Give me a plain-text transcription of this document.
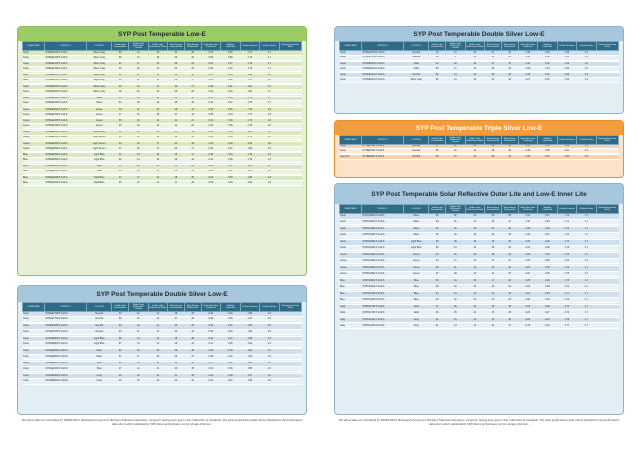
SYP Post Temperable Low-E
SUBSTRATE	PRODUCT	COLOUR	Visible Light Transmittance	Visible Light Reflectance Outside	Visible Light Reflectance Inside	Solar Energy Transmittance	Solar Energy Reflectance	Solar Heat Gain Coefficient	Shading Coefficient	U-Value Summer	U-Value Winter	Relative Heat Gain W/m²
Clear	SYBEE1006T-G10-6	Silver Gray	59	14	18	44	20	0.51	0.59	1.77	1.7	
Clear	SYBEE1006T-G10-8	Silver Gray	58	13	18	43	19	0.50	0.58	1.76	1.7	

Clear	SYBEE1306T-G10-6	Silver Gray	47	17	14	35	24	0.41	0.47	1.79	1.7	
Clear	SYBEE1306T-G10-8	Silver Gray	46	16	14	34	23	0.40	0.46	1.78	1.7	

Blue	SYBEE1606T-G10-6	Light Gray	43	12	19	30	18	0.37	0.43	1.80	1.8	
Blue	SYBEE1606T-G10-8	Light Gray	42	11	19	29	17	0.36	0.42	1.79	1.8	

Clear	SYBEE1906T-G10-6	Silver Gray	39	23	12	29	27	0.35	0.41	1.81	1.7	
Clear	SYBEE1906T-G10-8	Silver Gray	38	22	12	28	26	0.34	0.40	1.80	1.7	

Clear	SYBEE2306T-G10-6	Silver	35	26	16	26	31	0.33	0.38	1.76	1.7	
Clear	SYBEE2306T-G10-8	Silver	34	25	16	25	30	0.32	0.37	1.75	1.7	

Green	SYBEE2006T-G10-6	Green	48	12	15	28	14	0.39	0.45	1.78	1.8	
Green	SYBEE2006T-G10-8	Green	47	11	15	27	13	0.38	0.44	1.77	1.8	

Green	SYBEE2206T-G10-6	Green	36	19	14	22	21	0.31	0.36	1.79	1.8	
Green	SYBEE2206T-G10-8	Green	35	18	14	21	20	0.30	0.35	1.78	1.8	

Green	SYBEE2406T-G10-6	Blue-Green	34	14	18	21	16	0.30	0.34	1.80	1.8	
Green	SYBEE2406T-G10-8	Blue-Green	33	13	18	20	15	0.29	0.33	1.79	1.8	

Green	SYBEE2606T-G10-6	Light Green	38	16	17	24	18	0.33	0.38	1.81	1.8	
Green	SYBEE2606T-G10-8	Light Green	37	15	17	23	17	0.32	0.37	1.80	1.8	

Blue	SYBEE2806T-G10-6	Light Blue	41	15	19	26	17	0.35	0.40	1.79	1.8	
Blue	SYBEE2806T-G10-8	Light Blue	40	14	19	25	16	0.34	0.39	1.78	1.8	

Blue	SYBEE2906T-G10-6	Blue	31	20	13	20	23	0.29	0.33	1.82	1.8	
Blue	SYBEE2906T-G10-8	Blue	30	19	13	19	22	0.28	0.32	1.81	1.8	

Blue	SYBEE3006T-G10-6	Dark Blue	27	17	12	18	20	0.26	0.30	1.83	1.8	
Blue	SYBEE3006T-G10-8	Dark Blue	26	16	12	17	19	0.25	0.29	1.82	1.8	
SYP Post Temperable Double Silver Low-E
SUBSTRATE	PRODUCT	COLOUR	Visible Light Transmittance	Visible Light Reflectance Outside	Visible Light Reflectance Inside	Solar Energy Transmittance	Solar Energy Reflectance	Solar Heat Gain Coefficient	Shading Coefficient	U-Value Summer	U-Value Winter	Relative Heat Gain W/m²
Clear	SYDEE7766T-G10-6	Neutral	70	11	12	38	33	0.40	0.46	1.68	1.6	
Clear	SYDEE7766T-G10-8	Neutral	69	10	12	37	32	0.39	0.45	1.67	1.6	

Clear	SYDEE7356T-G10-6	Neutral	64	12	11	33	34	0.36	0.41	1.66	1.6	
Clear	SYDEE7356T-G10-8	Neutral	63	11	11	32	33	0.35	0.40	1.65	1.6	

Clear	SYDEE6806T-G10-6	Light Blue	58	14	13	29	35	0.32	0.37	1.65	1.6	
Clear	SYDEE6806T-G10-8	Light Blue	57	13	13	28	34	0.31	0.36	1.64	1.6	

Clear	SYDEE6506T-G10-6	Silver	52	18	15	26	38	0.29	0.33	1.64	1.6	
Clear	SYDEE6506T-G10-8	Silver	51	17	15	25	37	0.28	0.32	1.63	1.6	

Clear	SYDEE6106T-G10-6	Blue	48	15	14	24	36	0.27	0.31	1.66	1.6	
Clear	SYDEE6106T-G10-8	Blue	47	14	14	23	35	0.26	0.30	1.65	1.6	

Clear	SYDEE5606T-G10-6	Gray	43	16	13	21	35	0.24	0.28	1.67	1.6	
Clear	SYDEE5606T-G10-8	Gray	42	15	13	20	34	0.23	0.27	1.66	1.6	
SYP Post Temperable Double Silver Low-E
SUBSTRATE	PRODUCT	COLOUR	Visible Light Transmittance	Visible Light Reflectance Outside	Visible Light Reflectance Inside	Solar Energy Transmittance	Solar Energy Reflectance	Solar Heat Gain Coefficient	Shading Coefficient	U-Value Summer	U-Value Winter	Relative Heat Gain W/m²
Clear	SYDEE7001T-G10-6	Neutral	70	10	12	37	32	0.39	0.45	1.66	1.6	
Clear	SYDEE7001T-G10-8	Neutral	69	9	12	36	31	0.38	0.44	1.65	1.6	

Clear	SYDEE5401T-G10-6	Solid	54	18	14	27	37	0.30	0.35	1.64	1.6	
Clear	SYDEE5401T-G10-8	Solid	53	17	14	26	36	0.29	0.34	1.63	1.6	

Clear	SYDEE5101T-G10-6	Neutral	51	14	13	25	35	0.28	0.32	1.65	1.6	
Clear	SYDEE5101T-G10-8	Silver Gray	50	13	13	24	34	0.27	0.31	1.64	1.6	
SYP Post Temperable Triple Silver Low-E
SUBSTRATE	PRODUCT	COLOUR	Visible Light Transmittance	Visible Light Reflectance Outside	Visible Light Reflectance Inside	Solar Energy Transmittance	Solar Energy Reflectance	Solar Heat Gain Coefficient	Shading Coefficient	U-Value Summer	U-Value Winter	Relative Heat Gain W/m²
Clear	SYTEE6701T-G10-6	Neutral	67	11	13	29	40	0.31	0.36	1.62	1.5	
Clear	SYTEE6701T-G10-8	Neutral	66	10	13	28	39	0.30	0.35	1.61	1.5	

Low-Iron	SYTEE6901T-G10-6	Neutral	69	10	12	30	41	0.32	0.37	1.61	1.5	
SYP Post Temperable Solar Reflective Outer Lite and Low-E Inner Lite
SUBSTRATE	PRODUCT	COLOUR	Visible Light Transmittance	Visible Light Reflectance Outside	Visible Light Reflectance Inside	Solar Energy Transmittance	Solar Energy Reflectance	Solar Heat Gain Coefficient	Shading Coefficient	U-Value Summer	U-Value Winter	Relative Heat Gain W/m²
Clear	SYRTE5001T-G10-6	Silver	50	22	14	36	28	0.41	0.47	1.72	1.7	
Clear	SYRTE5001T-G10-8	Silver	49	21	14	35	27	0.40	0.46	1.71	1.7	

Clear	SYRTE3601T-G10-6	Silver	36	30	15	27	34	0.33	0.38	1.73	1.7	
Clear	SYRTE3601T-G10-8	Silver	35	29	15	26	33	0.32	0.37	1.72	1.7	

Clear	SYRTE2601T-G10-6	Light Blue	26	25	16	19	30	0.25	0.29	1.74	1.7	
Clear	SYRTE2601T-G10-8	Light Blue	25	24	16	18	29	0.24	0.28	1.73	1.7	

Green	SYRTE3401T-G10-6	Green	34	18	13	18	22	0.26	0.30	1.75	1.7	
Green	SYRTE3401T-G10-8	Green	33	17	13	17	21	0.25	0.29	1.74	1.7	

Green	SYRTE2801T-G10-6	Green	28	21	14	15	24	0.23	0.26	1.76	1.7	
Green	SYRTE2801T-G10-8	Green	27	20	14	14	23	0.22	0.25	1.75	1.7	

Blue	SYRTE3001T-G10-6	Blue	30	19	15	17	23	0.25	0.29	1.75	1.7	
Blue	SYRTE3001T-G10-8	Blue	29	18	15	16	22	0.24	0.28	1.74	1.7	

Blue	SYRTE2401T-G10-6	Blue	24	23	13	14	26	0.21	0.24	1.77	1.7	
Blue	SYRTE2401T-G10-8	Blue	23	22	13	13	25	0.20	0.23	1.76	1.7	

Gold	SYRTE2701T-G10-6	Gold	27	26	14	16	29	0.24	0.28	1.74	1.7	
Gold	SYRTE2701T-G10-8	Gold	26	25	14	15	28	0.23	0.27	1.73	1.7	

Gray	SYRTE2201T-G10-6	Gray	22	15	12	13	18	0.20	0.23	1.78	1.7	
Gray	SYRTE2201T-G10-8	Gray	21	14	12	12	17	0.19	0.22	1.77	1.7	
The above data are calculated by WINDOW6.3 developed at Lawrence Berkeley National Laboratory, except for having been given clear indication of standards. The glass performance data will be finalized by the performance data sheet which submitted by SYP. Above performance are for design reference.
The above data are calculated by WINDOW6.3 developed at Lawrence Berkeley National Laboratory, except for having been given clear indication of standards. The glass performance data will be finalized by the performance data sheet which submitted by SYP. Above performance are for design reference.
